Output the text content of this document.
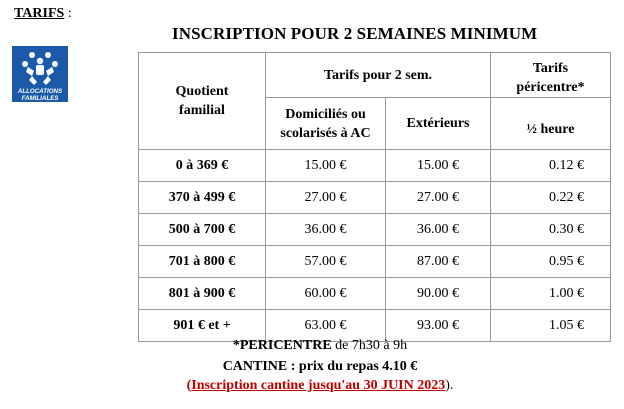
TARIFS :
ALLOCATIONS
FAMILIALES
INSCRIPTION POUR 2 SEMAINES MINIMUM
Quotient familial	Tarifs pour 2 sem.		Tarifs péricentre*
	Domiciliés ou scolarisés à AC	Extérieurs	½ heure
0 à 369 €	15.00 €	15.00 €	0.12 €
370 à 499 €	27.00 €	27.00 €	0.22 €
500 à 700 €	36.00 €	36.00 €	0.30 €
701 à 800 €	57.00 €	87.00 €	0.95 €
801 à 900 €	60.00 €	90.00 €	1.00 €
901 € et +	63.00 €	93.00 €	1.05 €
*PERICENTRE de 7h30 à 9h
CANTINE : prix du repas 4.10 €
(Inscription cantine jusqu'au 30 JUIN 2023).
